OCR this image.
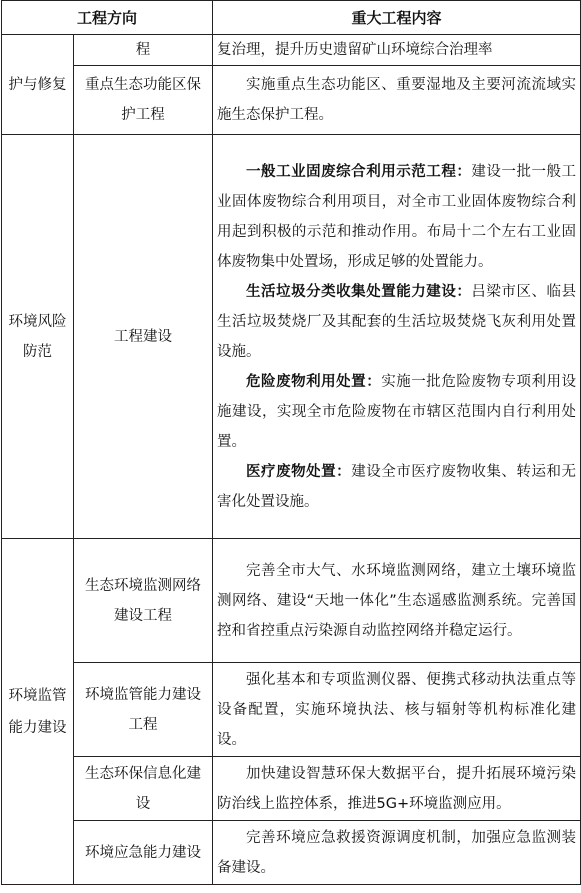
工程方向		重大工程内容
护与修复	程	复治理，提升历史遗留矿山环境综合治理率

	重点生态功能区保护工程	实施重点生态功能区、重要湿地及主要河流流域实施生态保护工程。

环境风险防范	工程建设	一般工业固废综合利用示范工程：建设一批一般工业固体废物综合利用项目，对全市工业固体废物综合利用起到积极的示范和推动作用。布局十二个左右工业固体废物集中处置场，形成足够的处置能力。

生活垃圾分类收集处置能力建设：吕梁市区、临县生活垃圾焚烧厂及其配套的生活垃圾焚烧飞灰利用处置设施。

危险废物利用处置：实施一批危险废物专项利用设施建设，实现全市危险废物在市辖区范围内自行利用处置。

医疗废物处置：建设全市医疗废物收集、转运和无害化处置设施。

环境监管能力建设	生态环境监测网络建设工程	完善全市大气、水环境监测网络，建立土壤环境监测网络、建设“天地一体化”生态遥感监测系统。完善国控和省控重点污染源自动监控网络并稳定运行。

	环境监管能力建设工程	强化基本和专项监测仪器、便携式移动执法重点等设备配置，实施环境执法、核与辐射等机构标准化建设。

	生态环保信息化建设	加快建设智慧环保大数据平台，提升拓展环境污染防治线上监控体系，推进5G+环境监测应用。

	环境应急能力建设	完善环境应急救援资源调度机制，加强应急监测装备建设。
